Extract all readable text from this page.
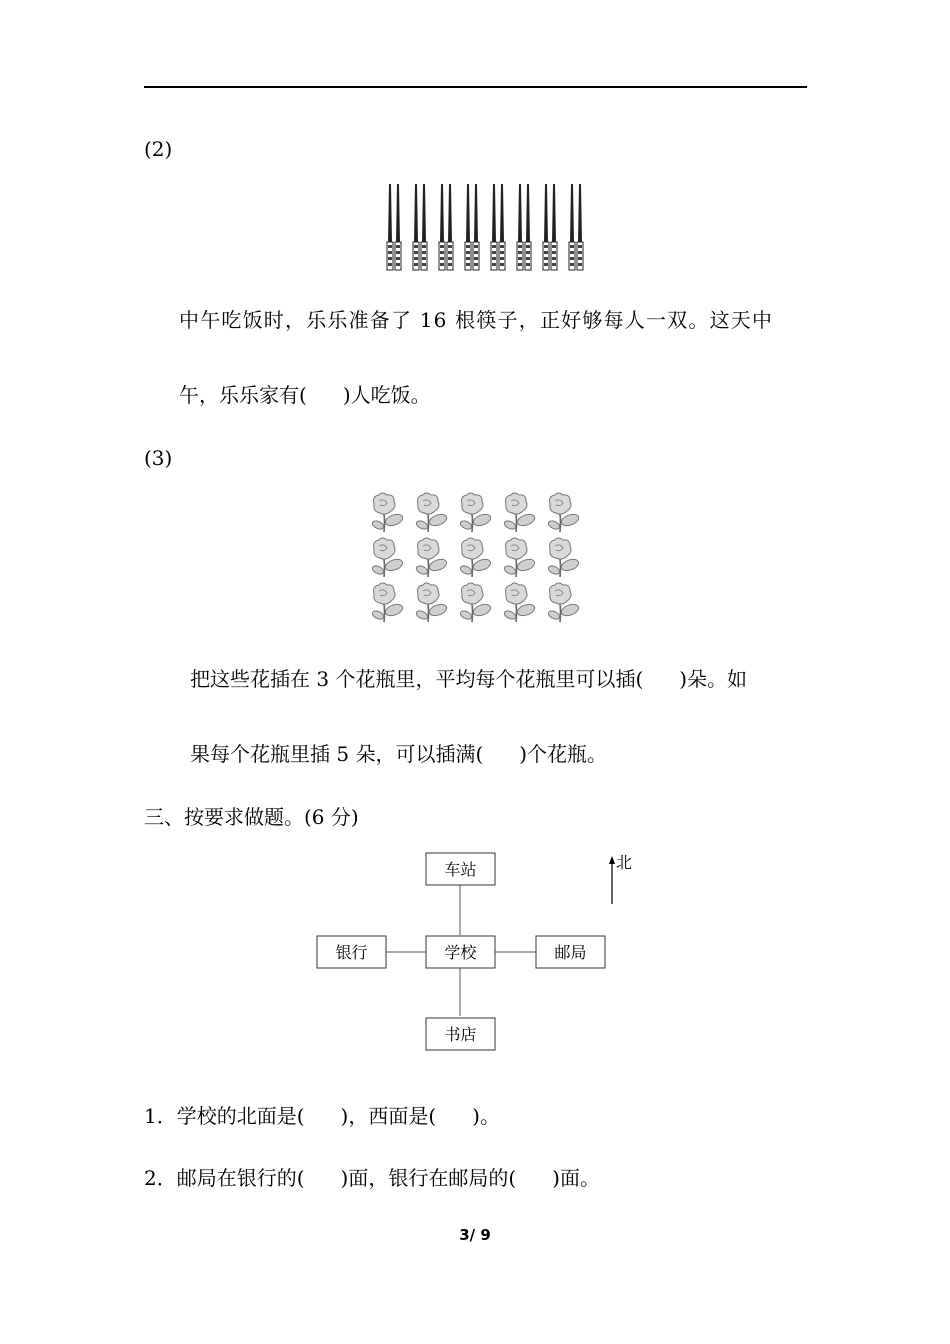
(2)
中午吃饭时，乐乐准备了 16 根筷子，正好够每人一双。这天中
午，乐乐家有( )人吃饭。
(3)
把这些花插在 3 个花瓶里，平均每个花瓶里可以插( )朵。如
果每个花瓶里插 5 朵，可以插满( )个花瓶。
三、按要求做题。(6 分)
车站
学校
银行	邮局
书店
北
1．学校的北面是( )，西面是( )。
2．邮局在银行的( )面，银行在邮局的( )面。
3/ 9
